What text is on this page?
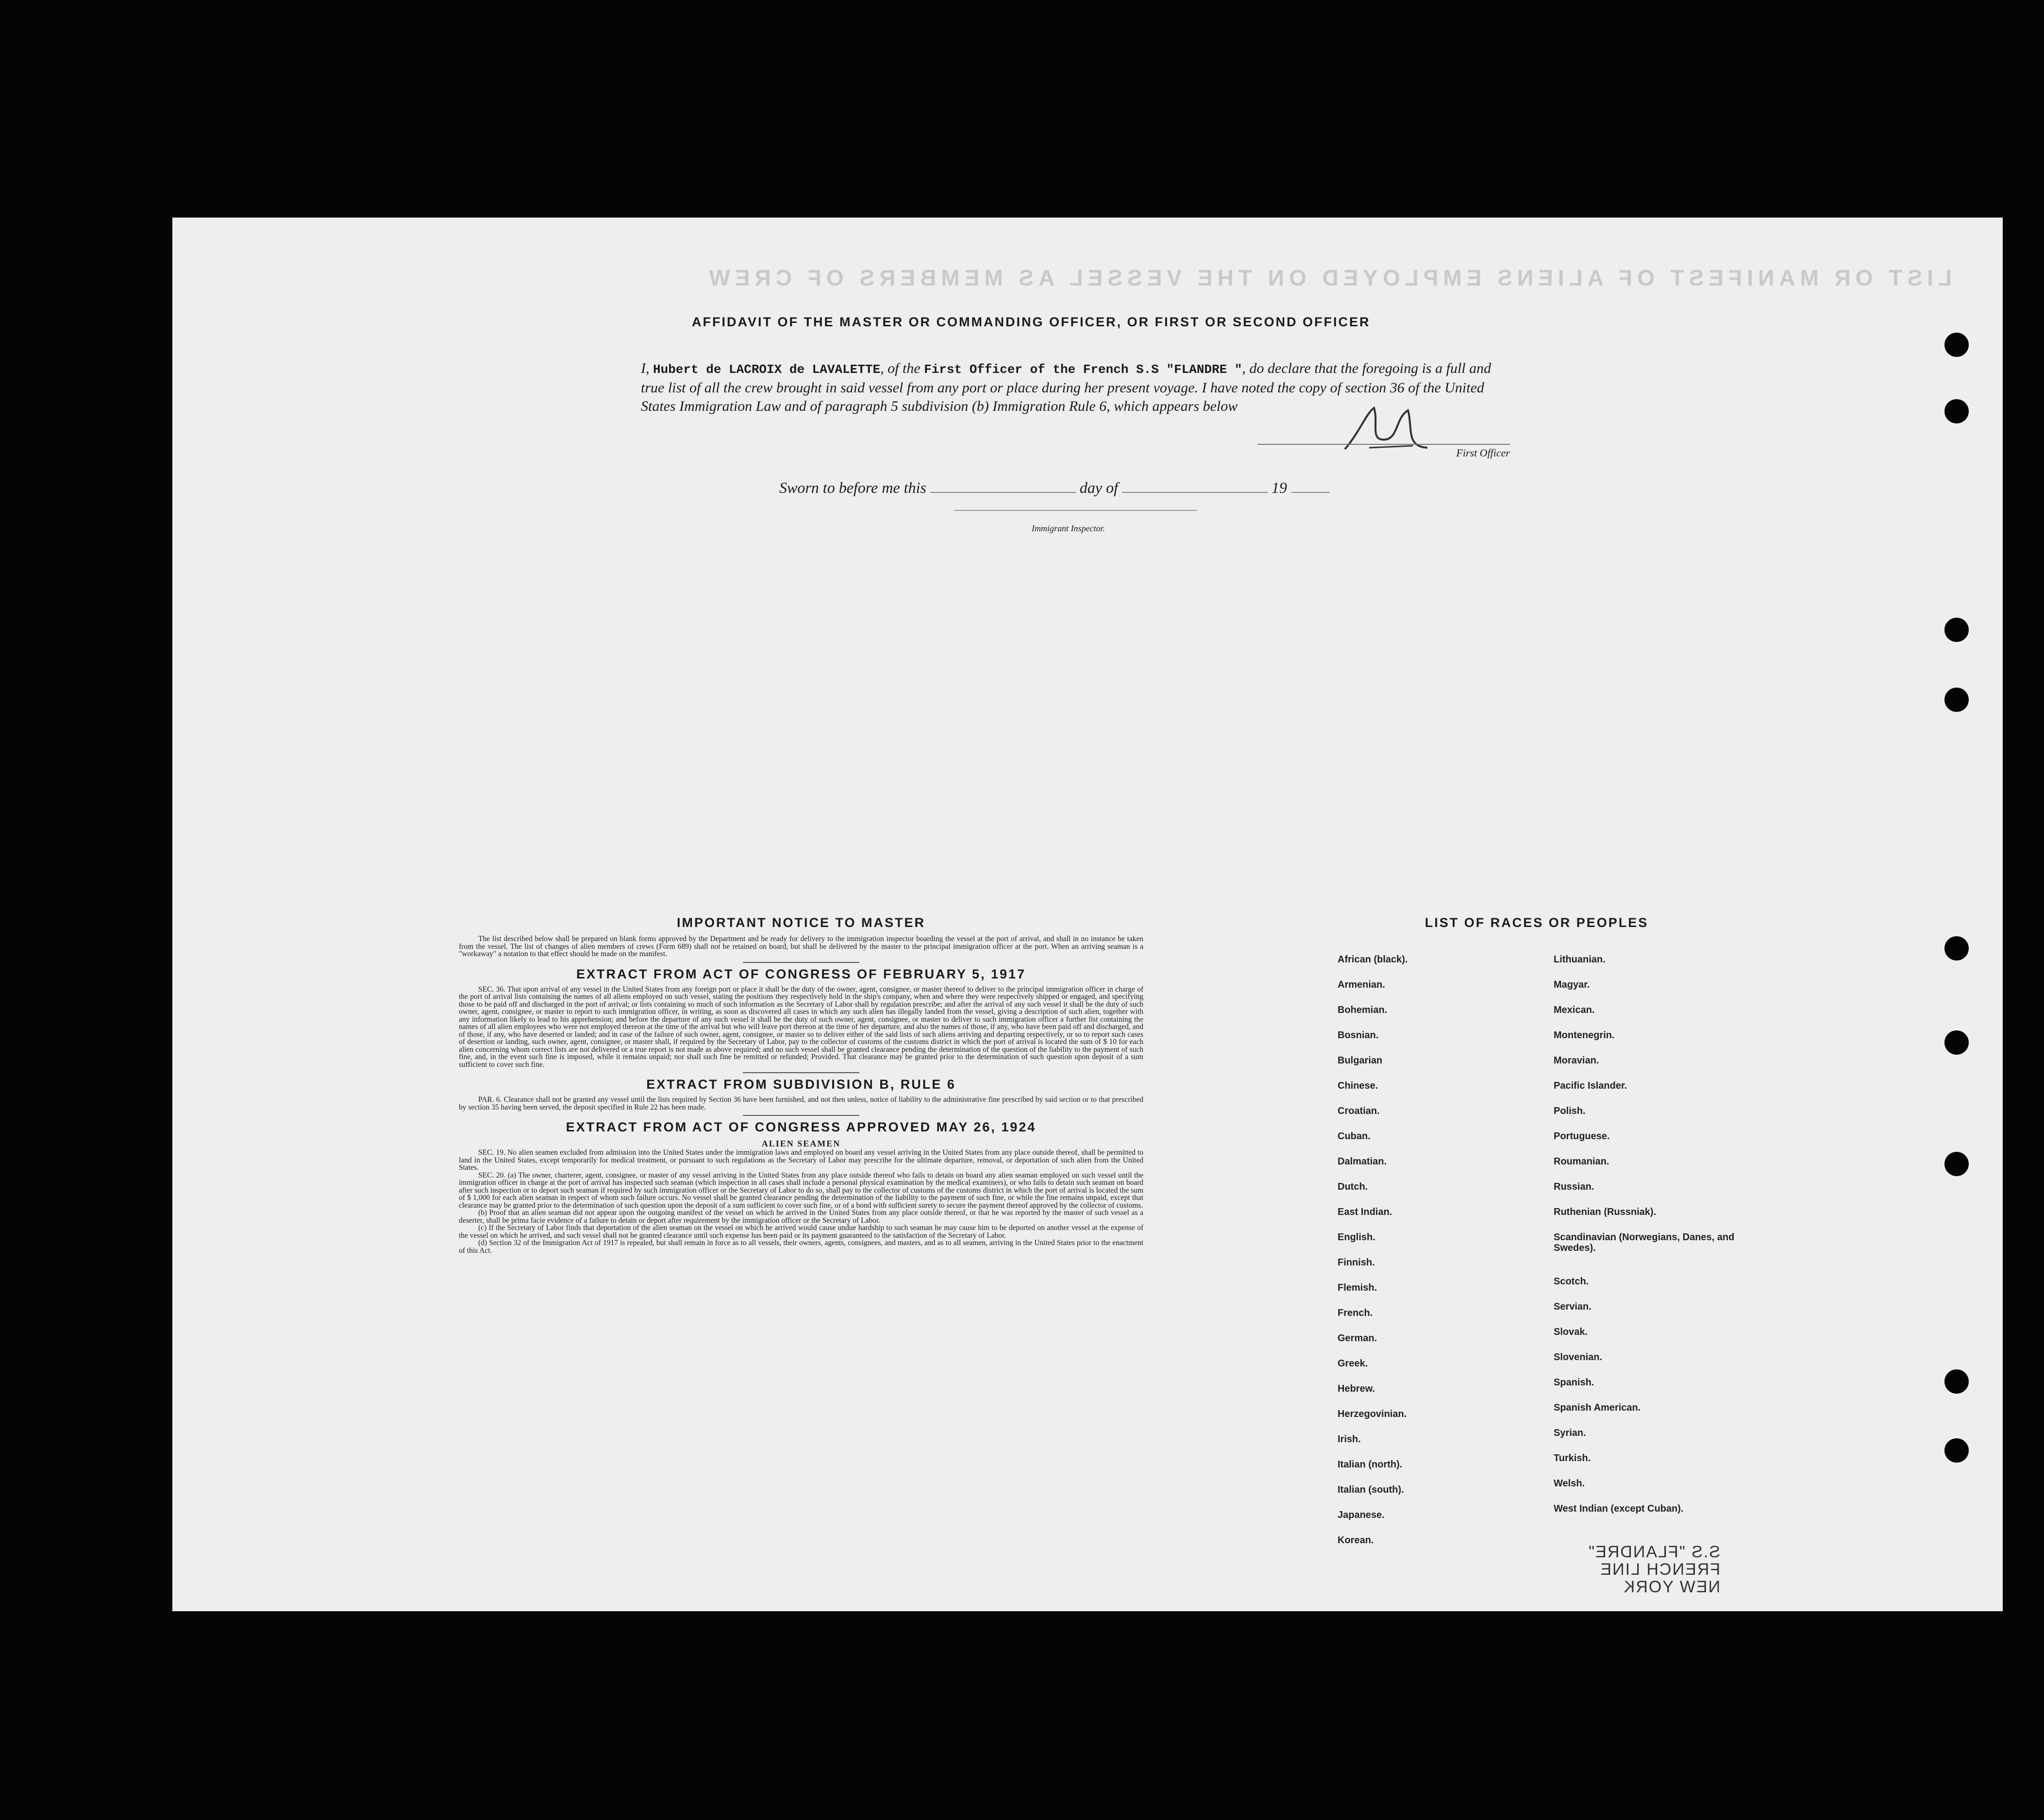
LIST OR MANIFEST OF ALIENS EMPLOYED ON THE VESSEL AS MEMBERS OF CREW
AFFIDAVIT OF THE MASTER OR COMMANDING OFFICER, OR FIRST OR SECOND OFFICER
I, Hubert de LACROIX de LAVALETTE, of the First Officer of the French S.S "FLANDRE ", do declare that the foregoing is a full and true list of all the crew brought in said vessel from any port or place during her present voyage. I have noted the copy of section 36 of the United States Immigration Law and of paragraph 5 subdivision (b) Immigration Rule 6, which appears below
First Officer
Sworn to before me this	day of	19
Immigrant Inspector.
IMPORTANT NOTICE TO MASTER

The list described below shall be prepared on blank forms approved by the Department and be ready for delivery to the immigration inspector boarding the vessel at the port of arrival, and shall in no instance be taken from the vessel. The list of changes of alien members of crews (Form 689) shall not be retained on board, but shall be delivered by the master to the principal immigration officer at the port. When an arriving seaman is a "workaway" a notation to that effect should be made on the manifest.

EXTRACT FROM ACT OF CONGRESS OF FEBRUARY 5, 1917

SEC. 36. That upon arrival of any vessel in the United States from any foreign port or place it shall be the duty of the owner, agent, consignee, or master thereof to deliver to the principal immigration officer in charge of the port of arrival lists containing the names of all aliens employed on such vessel, stating the positions they respectively hold in the ship's company, when and where they were respectively shipped or engaged, and specifying those to be paid off and discharged in the port of arrival; or lists containing so much of such information as the Secretary of Labor shall by regulation prescribe; and after the arrival of any such vessel it shall be the duty of such owner, agent, consignee, or master to report to such immigration officer, in writing, as soon as discovered all cases in which any such alien has illegally landed from the vessel, giving a description of such alien, together with any information likely to lead to his apprehension; and before the departure of any such vessel it shall be the duty of such owner, agent, consignee, or master to deliver to such immigration officer a further list containing the names of all alien employees who were not employed thereon at the time of the arrival but who will leave port thereon at the time of her departure, and also the names of those, if any, who have been paid off and discharged, and of those, if any, who have deserted or landed; and in case of the failure of such owner, agent, consignee, or master so to deliver either of the said lists of such aliens arriving and departing respectively, or so to report such cases of desertion or landing, such owner, agent, consignee, or master shall, if required by the Secretary of Labor, pay to the collector of customs of the customs district in which the port of arrival is located the sum of $ 10 for each alien concerning whom correct lists are not delivered or a true report is not made as above required; and no such vessel shall be granted clearance pending the determination of the question of the liability to the payment of such fine, and, in the event such fine is imposed, while it remains unpaid; nor shall such fine be remitted or refunded; Provided. That clearance may be granted prior to the determination of such question upon deposit of a sum sufficient to cover such fine.

EXTRACT FROM SUBDIVISION B, RULE 6

PAR. 6. Clearance shall not be granted any vessel until the lists required by Section 36 have been furnished, and not then unless, notice of liability to the administrative fine prescribed by said section or to that prescribed by section 35 having been served, the deposit specified in Rule 22 has been made.

EXTRACT FROM ACT OF CONGRESS APPROVED MAY 26, 1924
ALIEN SEAMEN

SEC. 19. No alien seamen excluded from admission into the United States under the immigration laws and employed on board any vessel arriving in the United States from any place outside thereof, shall be permitted to land in the United States, except temporarily for medical treatment, or pursuant to such regulations as the Secretary of Labor may prescribe for the ultimate departure, removal, or deportation of such alien from the United States.

SEC. 20. (a) The owner, charterer, agent, consignee, or master of any vessel arriving in the United States from any place outside thereof who fails to detain on board any alien seaman employed on such vessel until the immigration officer in charge at the port of arrival has inspected such seaman (which inspection in all cases shall include a personal physical examination by the medical examiners), or who fails to detain such seaman on board after such inspection or to deport such seaman if required by such immigration officer or the Secretary of Labor to do so, shall pay to the collector of customs of the customs district in which the port of arrival is located the sum of $ 1,000 for each alien seaman in respect of whom such failure occurs. No vessel shall be granted clearance pending the determination of the liability to the payment of such fine, or while the fine remains unpaid, except that clearance may be granted prior to the determination of such question upon the deposit of a sum sufficient to cover such fine, or of a bond with sufficient surety to secure the payment thereof approved by the collector of customs.

(b) Proof that an alien seaman did not appear upon the outgoing manifest of the vessel on which he arrived in the United States from any place outside thereof, or that he was reported by the master of such vessel as a deserter, shall be prima facie evidence of a failure to detain or deport after requirement by the immigration officer or the Secretary of Labor.

(c) If the Secretary of Labor finds that deportation of the alien seaman on the vessel on which he arrived would cause undue hardship to such seaman he may cause him to be deported on another vessel at the expense of the vessel on which he arrived, and such vessel shall not be granted clearance until such expense has been paid or its payment guaranteed to the satisfaction of the Secretary of Labor.

(d) Section 32 of the Immigration Act of 1917 is repealed, but shall remain in force as to all vessels, their owners, agents, consignees, and masters, and as to all seamen, arriving in the United States prior to the enactment of this Act.

LIST OF RACES OR PEOPLES
African (black).
Armenian.
Bohemian.
Bosnian.
Bulgarian
Chinese.
Croatian.
Cuban.
Dalmatian.
Dutch.
East Indian.
English.
Finnish.
Flemish.
French.
German.
Greek.
Hebrew.
Herzegovinian.
Irish.
Italian (north).
Italian (south).
Japanese.
Korean.
Lithuanian.
Magyar.
Mexican.
Montenegrin.
Moravian.
Pacific Islander.
Polish.
Portuguese.
Roumanian.
Russian.
Ruthenian (Russniak).
Scandinavian (Norwegians, Danes, and Swedes).
Scotch.
Servian.
Slovak.
Slovenian.
Spanish.
Spanish American.
Syrian.
Turkish.
Welsh.
West Indian (except Cuban).
S.S "FLANDRE"
FRENCH LINE
NEW YORK
